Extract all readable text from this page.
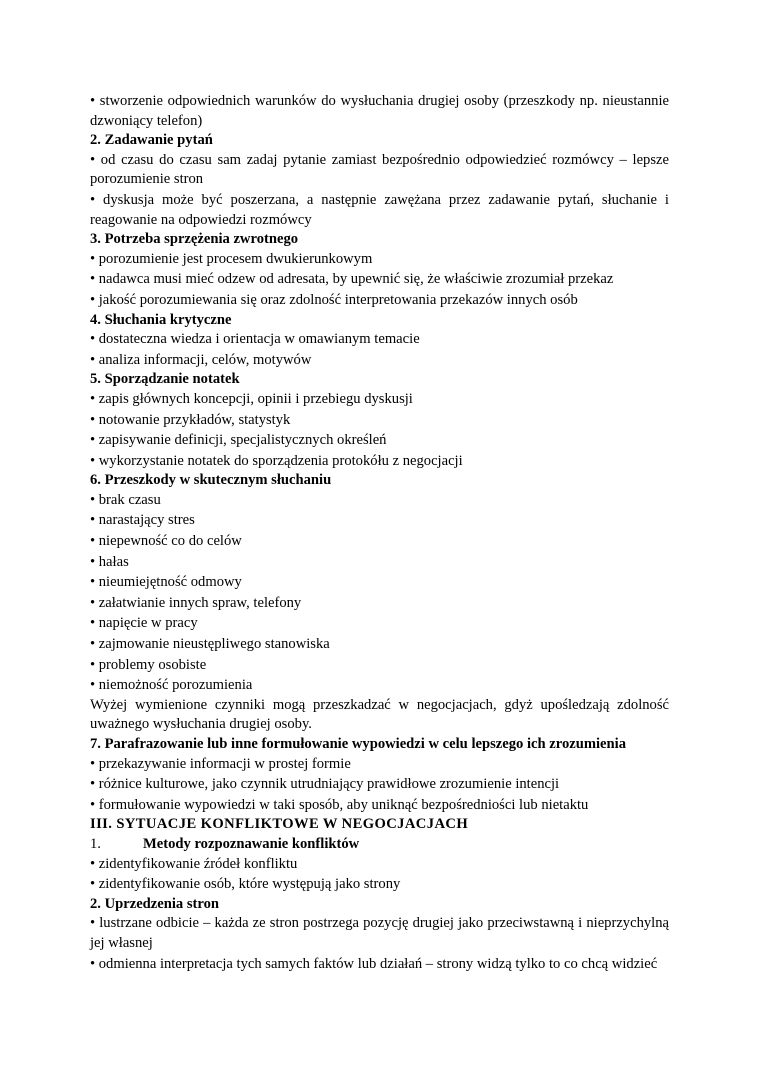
• stworzenie odpowiednich warunków do wysłuchania drugiej osoby (przeszkody np. nieustannie dzwoniący telefon)

2. Zadawanie pytań

• od czasu do czasu sam zadaj pytanie zamiast bezpośrednio odpowiedzieć rozmówcy – lepsze porozumienie stron

• dyskusja może być poszerzana, a następnie zawężana przez zadawanie pytań, słuchanie i reagowanie na odpowiedzi rozmówcy

3. Potrzeba sprzężenia zwrotnego

• porozumienie jest procesem dwukierunkowym

• nadawca musi mieć odzew od adresata, by upewnić się, że właściwie zrozumiał przekaz

• jakość porozumiewania się oraz zdolność interpretowania przekazów innych osób

4. Słuchania krytyczne

• dostateczna wiedza i orientacja w omawianym temacie

• analiza informacji, celów, motywów

5. Sporządzanie notatek

• zapis głównych koncepcji, opinii i przebiegu dyskusji

• notowanie przykładów, statystyk

• zapisywanie definicji, specjalistycznych określeń

• wykorzystanie notatek do sporządzenia protokółu z negocjacji

6. Przeszkody w skutecznym słuchaniu

• brak czasu

• narastający stres

• niepewność co do celów

• hałas

• nieumiejętność odmowy

• załatwianie innych spraw, telefony

• napięcie w pracy

• zajmowanie nieustępliwego stanowiska

• problemy osobiste

• niemożność porozumienia

Wyżej wymienione czynniki mogą przeszkadzać w negocjacjach, gdyż upośledzają zdolność uważnego wysłuchania drugiej osoby.

7. Parafrazowanie lub inne formułowanie wypowiedzi w celu lepszego ich zrozumienia

• przekazywanie informacji w prostej formie

• różnice kulturowe, jako czynnik utrudniający prawidłowe zrozumienie intencji

• formułowanie wypowiedzi w taki sposób, aby uniknąć bezpośredniości lub nietaktu

III. SYTUACJE KONFLIKTOWE W NEGOCJACJACH

1.	Metody rozpoznawanie konfliktów

• zidentyfikowanie źródeł konfliktu

• zidentyfikowanie osób, które występują jako strony

2. Uprzedzenia stron

• lustrzane odbicie – każda ze stron postrzega pozycję drugiej jako przeciwstawną i nieprzychylną jej własnej

• odmienna interpretacja tych samych faktów lub działań – strony widzą tylko to co chcą widzieć
